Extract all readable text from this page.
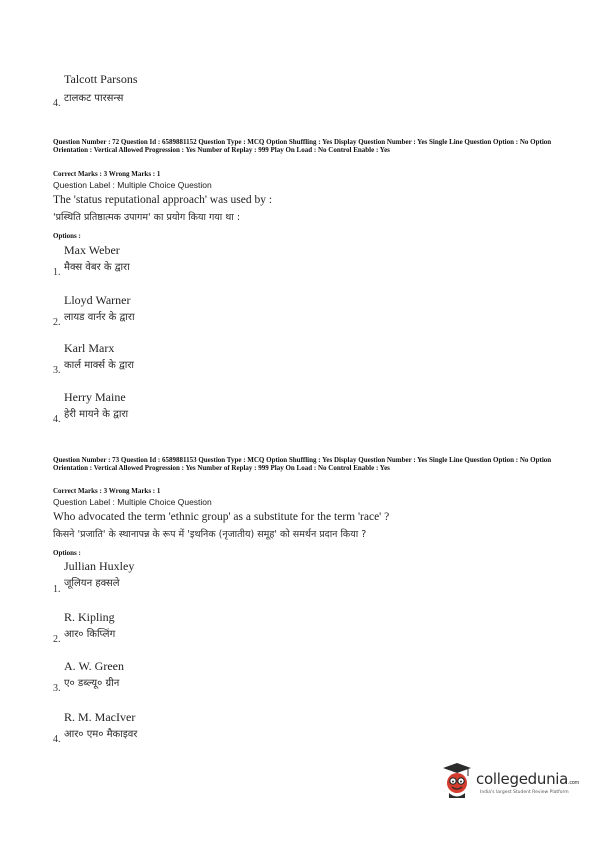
Talcott Parsons
टालकट पारसन्स
4.
Question Number : 72 Question Id : 6589881152 Question Type : MCQ Option Shuffling : Yes Display Question Number : Yes Single Line Question Option : No Option Orientation : Vertical Allowed Progression : Yes Number of Replay : 999 Play On Load : No Control Enable : Yes
Correct Marks : 3 Wrong Marks : 1
Question Label : Multiple Choice Question
The 'status reputational approach' was used by :
'प्रस्थिति प्रतिष्ठात्मक उपागम' का प्रयोग किया गया था :
Options :
Max Weber
मैक्स वेबर के द्वारा
1.
Lloyd Warner
लायड वार्नर के द्वारा
2.
Karl Marx
कार्ल मार्क्स के द्वारा
3.
Herry Maine
हेरी मायने के द्वारा
4.
Question Number : 73 Question Id : 6589881153 Question Type : MCQ Option Shuffling : Yes Display Question Number : Yes Single Line Question Option : No Option Orientation : Vertical Allowed Progression : Yes Number of Replay : 999 Play On Load : No Control Enable : Yes
Correct Marks : 3 Wrong Marks : 1
Question Label : Multiple Choice Question
Who advocated the term 'ethnic group' as a substitute for the term 'race' ?
किसने 'प्रजाति' के स्थानापन्न के रूप में 'इथनिक (नृजातीय) समूह' को समर्थन प्रदान किया ?
Options :
Jullian Huxley
जूलियन हक्सले
1.
R. Kipling
आर० किप्लिंग
2.
A. W. Green
ए० डब्ल्यू० ग्रीन
3.
R. M. MacIver
आर० एम० मैकाइवर
4.
collegedunia.com
India's largest Student Review Platform
